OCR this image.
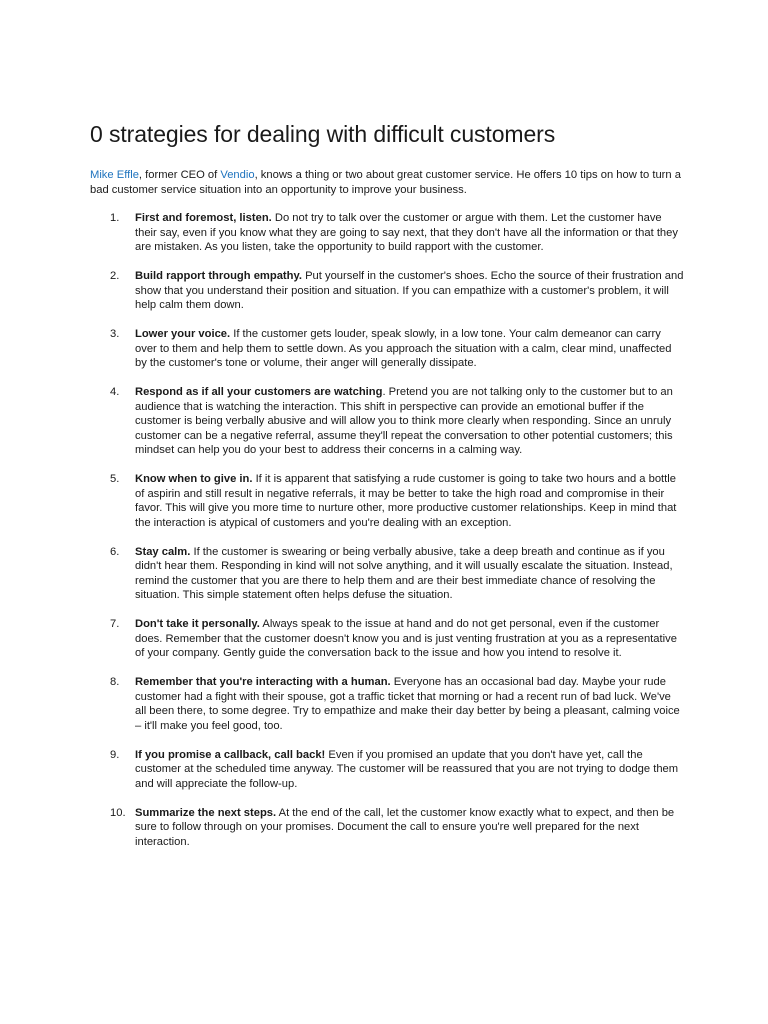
0 strategies for dealing with difficult customers

Mike Effle, former CEO of Vendio, knows a thing or two about great customer service. He offers 10 tips on how to turn a bad customer service situation into an opportunity to improve your business.

1.	First and foremost, listen. Do not try to talk over the customer or argue with them. Let the customer have their say, even if you know what they are going to say next, that they don't have all the information or that they are mistaken. As you listen, take the opportunity to build rapport with the customer.
2.	Build rapport through empathy. Put yourself in the customer's shoes. Echo the source of their frustration and show that you understand their position and situation. If you can empathize with a customer's problem, it will help calm them down.
3.	Lower your voice. If the customer gets louder, speak slowly, in a low tone. Your calm demeanor can carry over to them and help them to settle down. As you approach the situation with a calm, clear mind, unaffected by the customer's tone or volume, their anger will generally dissipate.
4.	Respond as if all your customers are watching. Pretend you are not talking only to the customer but to an audience that is watching the interaction. This shift in perspective can provide an emotional buffer if the customer is being verbally abusive and will allow you to think more clearly when responding. Since an unruly customer can be a negative referral, assume they'll repeat the conversation to other potential customers; this mindset can help you do your best to address their concerns in a calming way.
5.	Know when to give in. If it is apparent that satisfying a rude customer is going to take two hours and a bottle of aspirin and still result in negative referrals, it may be better to take the high road and compromise in their favor. This will give you more time to nurture other, more productive customer relationships. Keep in mind that the interaction is atypical of customers and you're dealing with an exception.
6.	Stay calm. If the customer is swearing or being verbally abusive, take a deep breath and continue as if you didn't hear them. Responding in kind will not solve anything, and it will usually escalate the situation. Instead, remind the customer that you are there to help them and are their best immediate chance of resolving the situation. This simple statement often helps defuse the situation.
7.	Don't take it personally. Always speak to the issue at hand and do not get personal, even if the customer does. Remember that the customer doesn't know you and is just venting frustration at you as a representative of your company. Gently guide the conversation back to the issue and how you intend to resolve it.
8.	Remember that you're interacting with a human. Everyone has an occasional bad day. Maybe your rude customer had a fight with their spouse, got a traffic ticket that morning or had a recent run of bad luck. We've all been there, to some degree. Try to empathize and make their day better by being a pleasant, calming voice – it'll make you feel good, too.
9.	If you promise a callback, call back! Even if you promised an update that you don't have yet, call the customer at the scheduled time anyway. The customer will be reassured that you are not trying to dodge them and will appreciate the follow-up.
10. Summarize the next steps. At the end of the call, let the customer know exactly what to expect, and then be sure to follow through on your promises. Document the call to ensure you're well prepared for the next interaction.
